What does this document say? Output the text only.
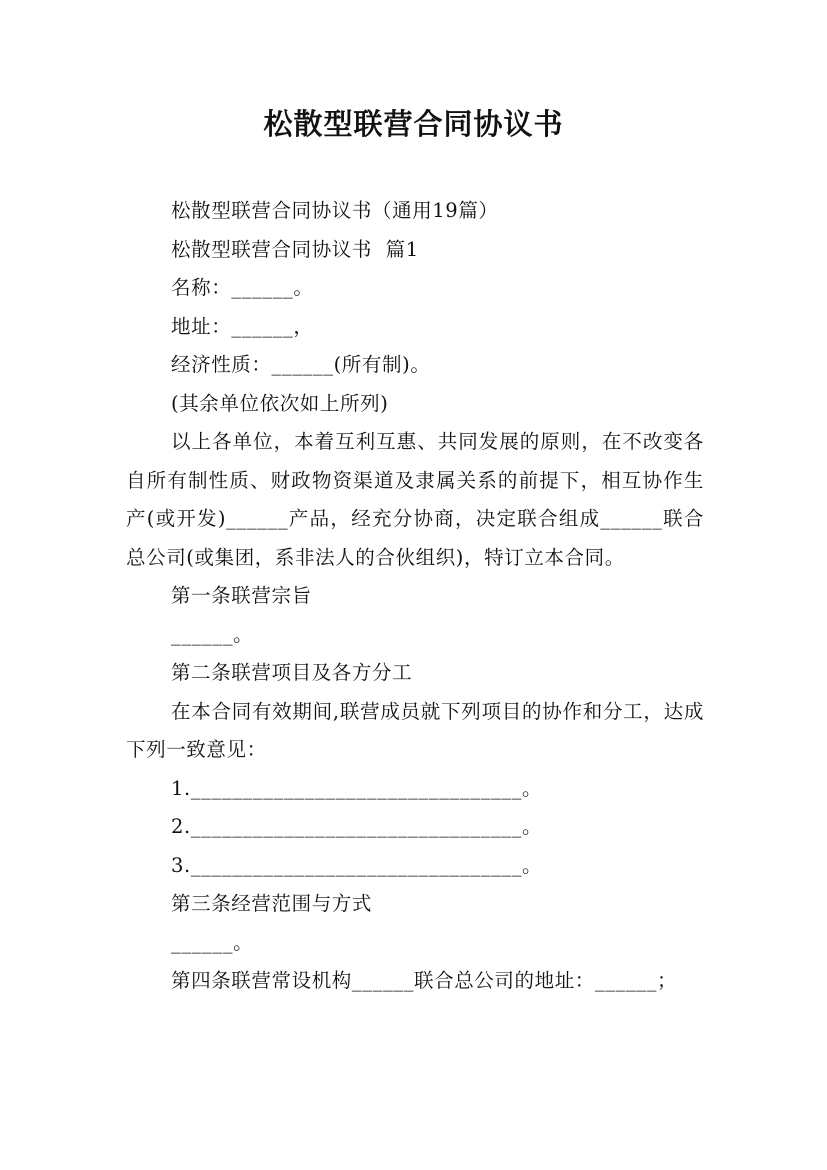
松散型联营合同协议书

松散型联营合同协议书（通用19篇）

松散型联营合同协议书  篇1

名称：______。

地址：______，

经济性质：______(所有制)。

(其余单位依次如上所列)

以上各单位，本着互利互惠、共同发展的原则，在不改变各自所有制性质、财政物资渠道及隶属关系的前提下，相互协作生产(或开发)______产品，经充分协商，决定联合组成______联合总公司(或集团，系非法人的合伙组织)，特订立本合同。

第一条联营宗旨

______。

第二条联营项目及各方分工

在本合同有效期间,联营成员就下列项目的协作和分工，达成下列一致意见：

1.________________________________。

2.________________________________。

3.________________________________。

第三条经营范围与方式

______。

第四条联营常设机构______联合总公司的地址：______；
